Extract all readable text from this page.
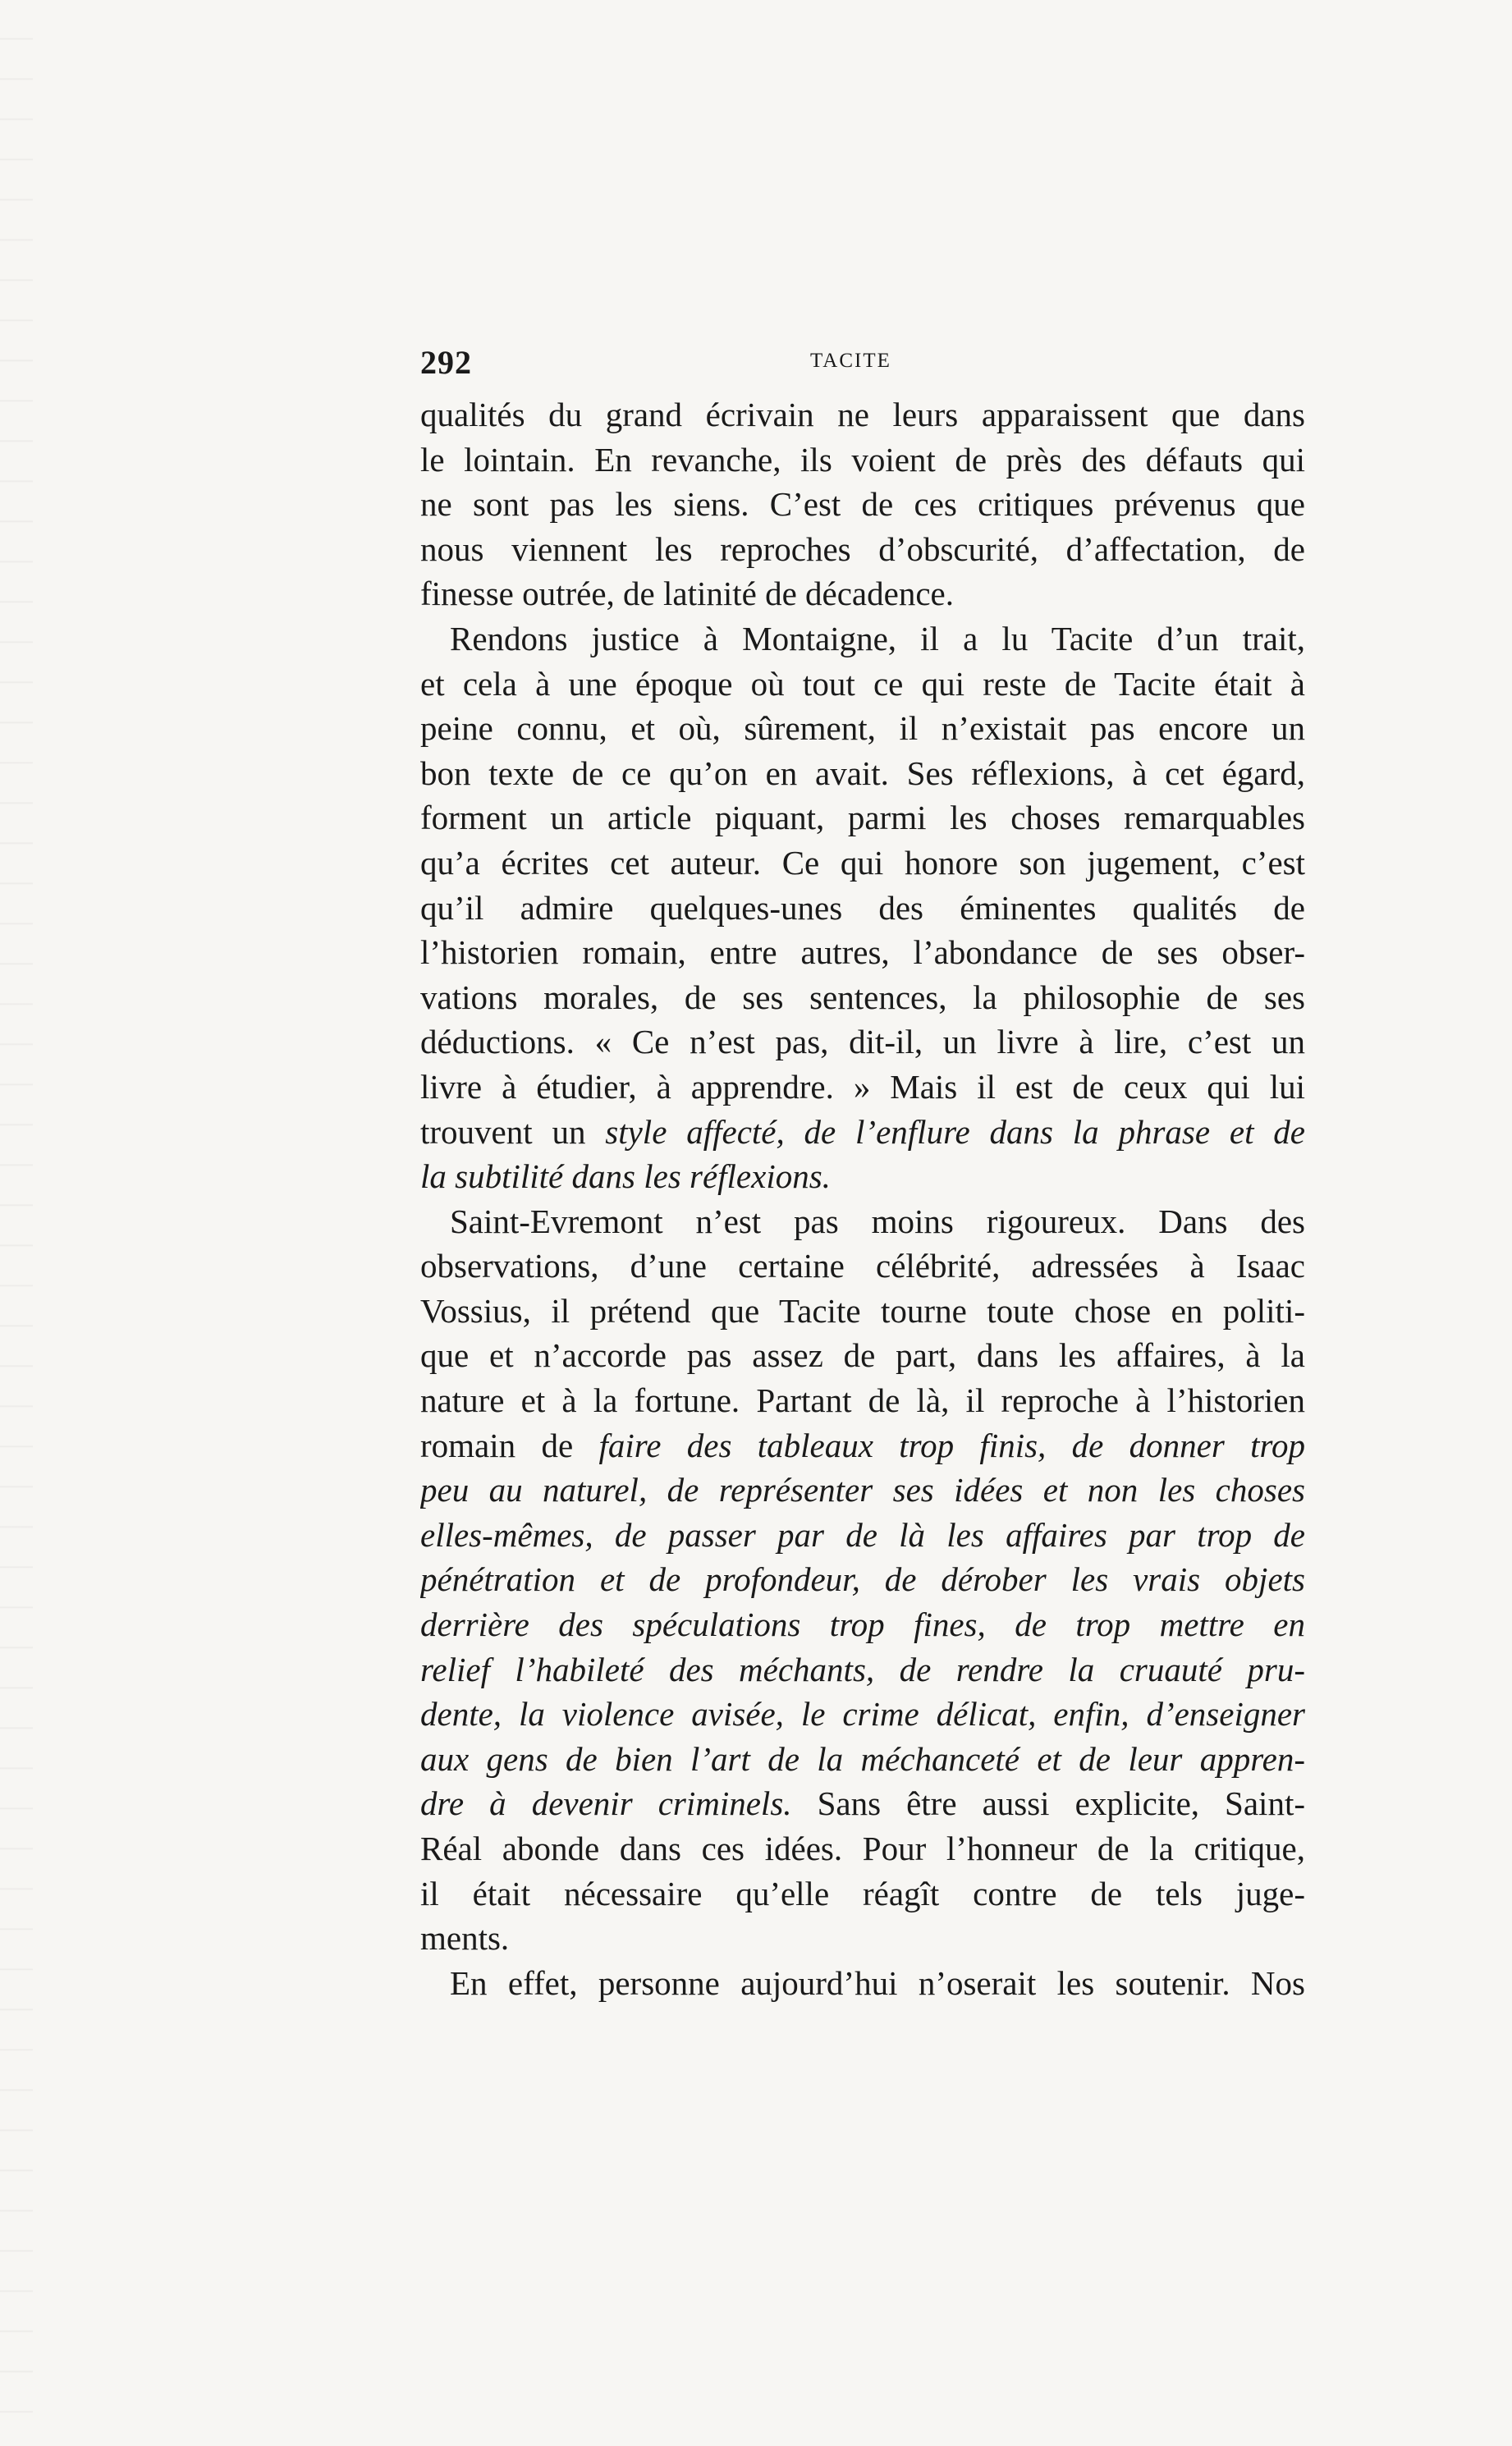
292	TACITE
qualités du grand écrivain ne leurs apparaissent que dans
le lointain. En revanche, ils voient de près des défauts qui
ne sont pas les siens. C’est de ces critiques prévenus que
nous viennent les reproches d’obscurité, d’affectation, de
finesse outrée, de latinité de décadence.
Rendons justice à Montaigne, il a lu Tacite d’un trait,
et cela à une époque où tout ce qui reste de Tacite était à
peine connu, et où, sûrement, il n’existait pas encore un
bon texte de ce qu’on en avait. Ses réflexions, à cet égard,
forment un article piquant, parmi les choses remarquables
qu’a écrites cet auteur. Ce qui honore son jugement, c’est
qu’il admire quelques-unes des éminentes qualités de
l’historien romain, entre autres, l’abondance de ses obser-
vations morales, de ses sentences, la philosophie de ses
déductions. « Ce n’est pas, dit-il, un livre à lire, c’est un
livre à étudier, à apprendre. » Mais il est de ceux qui lui
trouvent un style affecté, de l’enflure dans la phrase et de
la subtilité dans les réflexions.
Saint-Evremont n’est pas moins rigoureux. Dans des
observations, d’une certaine célébrité, adressées à Isaac
Vossius, il prétend que Tacite tourne toute chose en politi-
que et n’accorde pas assez de part, dans les affaires, à la
nature et à la fortune. Partant de là, il reproche à l’historien
romain de faire des tableaux trop finis, de donner trop
peu au naturel, de représenter ses idées et non les choses
elles-mêmes, de passer par de là les affaires par trop de
pénétration et de profondeur, de dérober les vrais objets
derrière des spéculations trop fines, de trop mettre en
relief l’habileté des méchants, de rendre la cruauté pru-
dente, la violence avisée, le crime délicat, enfin, d’enseigner
aux gens de bien l’art de la méchanceté et de leur appren-
dre à devenir criminels. Sans être aussi explicite, Saint-
Réal abonde dans ces idées. Pour l’honneur de la critique,
il était nécessaire qu’elle réagît contre de tels juge-
ments.
En effet, personne aujourd’hui n’oserait les soutenir. Nos
